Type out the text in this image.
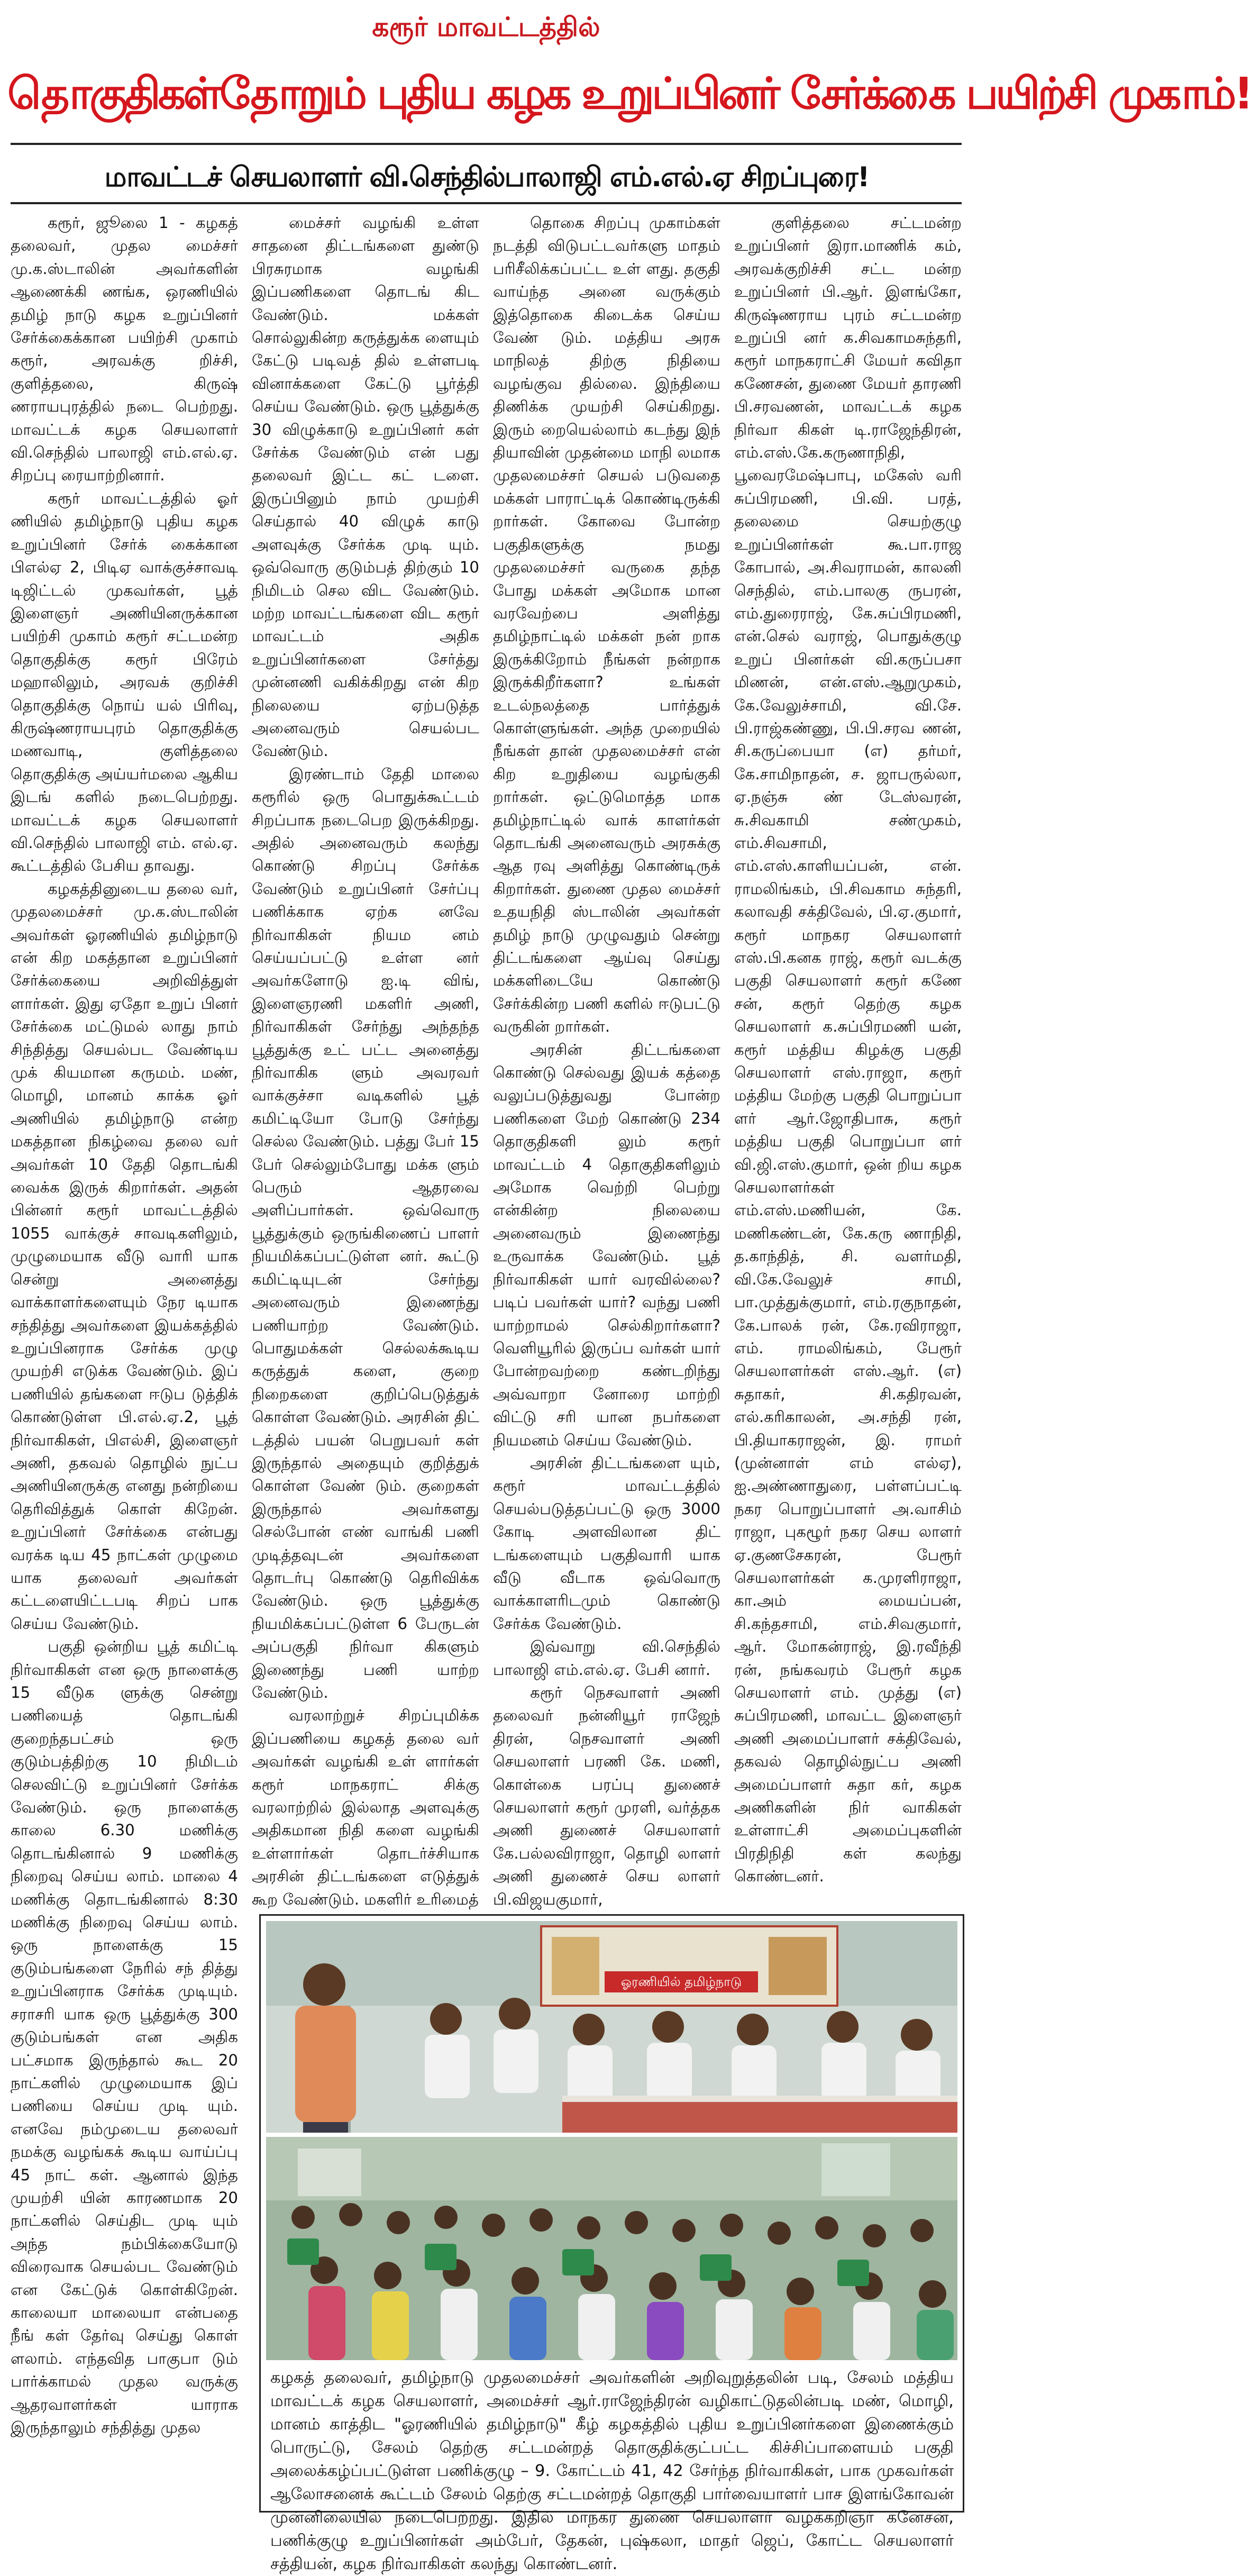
கரூர் மாவட்டத்தில்
தொகுதிகள்தோறும் புதிய கழக உறுப்பினர் சேர்க்கை பயிற்சி முகாம்!
மாவட்டச் செயலாளர் வி.செந்தில்பாலாஜி எம்.எல்.ஏ சிறப்புரை!

கரூர், ஜூலை 1 - கழகத் தலைவர், முதல மைச்சர் மு.க.ஸ்டாலின் அவர்களின் ஆணைக்கி ணங்க, ஒரணியில் தமிழ் நாடு கழக உறுப்பினர் சேர்க்கைக்கான பயிற்சி முகாம் கரூர், அரவக்கு றிச்சி, குளித்தலை, கிருஷ் ணராயபுரத்தில் நடை பெற்றது. மாவட்டக் கழக செயலாளர் வி.செந்தில் பாலாஜி எம்.எல்.ஏ. சிறப்பு ரையாற்றினார்.

கரூர் மாவட்டத்தில் ஓர் ணியில் தமிழ்நாடு புதிய கழக உறுப்பினர் சேர்க் கைக்கான பிஎல்ஏ 2, பிடிஏ வாக்குச்சாவடி டிஜிட்டல் முகவர்கள், பூத் இளைஞர் அணியினருக்கான பயிற்சி முகாம் கரூர் சட்டமன்ற தொகுதிக்கு கரூர் பிரேம் மஹாலிலும், அரவக் குறிச்சி தொகுதிக்கு நொய் யல் பிரிவு, கிருஷ்ணராயபுரம் தொகுதிக்கு மணவாடி, குளித்தலை தொகுதிக்கு அய்யர்மலை ஆகிய இடங் களில் நடைபெற்றது. மாவட்டக் கழக செயலாளர் வி.செந்தில் பாலாஜி எம். எல்.ஏ. கூட்டத்தில் பேசிய தாவது.

கழகத்தினுடைய தலை வர், முதலமைச்சர் மு.க.ஸ்டாலின் அவர்கள் ஓரணியில் தமிழ்நாடு என் கிற மகத்தான உறுப்பினர் சேர்க்கையை அறிவித்துள் ளார்கள். இது ஏதோ உறுப் பினர் சேர்க்கை மட்டுமல் லாது நாம் சிந்தித்து செயல்பட வேண்டிய முக் கியமான கருமம். மண், மொழி, மானம் காக்க ஓர் அணியில் தமிழ்நாடு என்ற மகத்தான நிகழ்வை தலை வர் அவர்கள் 10 தேதி தொடங்கி வைக்க இருக் கிறார்கள். அதன் பின்னர் கரூர் மாவட்டத்தில் 1055 வாக்குச் சாவடிகளிலும், முழுமையாக வீடு வாரி யாக சென்று அனைத்து வாக்காளர்களையும் நேர டியாக சந்தித்து அவர்களை இயக்கத்தில் உறுப்பினராக சேர்க்க முழு முயற்சி எடுக்க வேண்டும். இப் பணியில் தங்களை ஈடுப டுத்திக் கொண்டுள்ள பி.எல்.ஏ.2, பூத் நிர்வாகிகள், பிஎல்சி, இளைஞர் அணி, தகவல் தொழில் நுட்ப அணியினருக்கு எனது நன்றியை தெரிவித்துக் கொள் கிறேன். உறுப்பினர் சேர்க்கை என்பது வரக்க டிய 45 நாட்கள் முழுமை யாக தலைவர் அவர்கள் கட்டளையிட்டபடி சிறப் பாக செய்ய வேண்டும்.

பகுதி ஒன்றிய பூத் கமிட்டி நிர்வாகிகள் என ஒரு நாளைக்கு 15 வீடுக ளுக்கு சென்று பணியைத் தொடங்கி குறைந்தபட்சம் ஒரு குடும்பத்திற்கு 10 நிமிடம் செலவிட்டு உறுப்பினர் சேர்க்க வேண்டும். ஒரு நாளைக்கு காலை 6.30 மணிக்கு தொடங்கினால் 9 மணிக்கு நிறைவு செய்ய லாம். மாலை 4 மணிக்கு தொடங்கினால் 8:30 மணிக்கு நிறைவு செய்ய லாம். ஒரு நாளைக்கு 15 குடும்பங்களை நேரில் சந் தித்து உறுப்பினராக சேர்க்க முடியும். சராசரி யாக ஒரு பூத்துக்கு 300 குடும்பங்கள் என அதிக பட்சமாக இருந்தால் கூட 20 நாட்களில் முழுமையாக இப் பணியை செய்ய முடி யும். எனவே நம்முடைய தலைவர் நமக்கு வழங்கக் கூடிய வாய்ப்பு 45 நாட் கள். ஆனால் இந்த முயற்சி யின் காரணமாக 20 நாட்களில் செய்திட முடி யும் அந்த நம்பிக்கையோடு விரைவாக செயல்பட வேண்டும் என கேட்டுக் கொள்கிறேன். காலையா மாலையா என்பதை நீங் கள் தேர்வு செய்து கொள் ளலாம். எந்தவித பாகுபா டும் பார்க்காமல் முதல வருக்கு ஆதரவாளர்கள் யாராக இருந்தாலும் சந்தித்து முதல

மைச்சர் வழங்கி உள்ள சாதனை திட்டங்களை துண்டு பிரசுரமாக வழங்கி இப்பணிகளை தொடங் கிட வேண்டும். மக்கள் சொல்லுகின்ற கருத்துக்க ளையும் கேட்டு படிவத் தில் உள்ளபடி வினாக்களை கேட்டு பூர்த்தி செய்ய வேண்டும். ஒரு பூத்துக்கு 30 விழுக்காடு உறுப்பினர் கள் சேர்க்க வேண்டும் என் பது தலைவர் இட்ட கட் டளை. இருப்பினும் நாம் முயற்சி செய்தால் 40 விழுக் காடு அளவுக்கு சேர்க்க முடி யும். ஒவ்வொரு குடும்பத் திற்கும் 10 நிமிடம் செல விட வேண்டும். மற்ற மாவட்டங்களை விட கரூர் மாவட்டம் அதிக உறுப்பினர்களை சேர்த்து முன்னணி வகிக்கிறது என் கிற நிலையை ஏற்படுத்த அனைவரும் செயல்பட வேண்டும்.

இரண்டாம் தேதி மாலை கரூரில் ஒரு பொதுக்கூட்டம் சிறப்பாக நடைபெற இருக்கிறது. அதில் அனைவரும் கலந்து கொண்டு சிறப்பு சேர்க்க வேண்டும் உறுப்பினர் சேர்ப்பு பணிக்காக ஏற்க னவே நிர்வாகிகள் நியம னம் செய்யப்பட்டு உள்ள னர் அவர்களோடு ஐ.டி விங், இளைஞரணி மகளிர் அணி, நிர்வாகிகள் சேர்ந்து அந்தந்த பூத்துக்கு உட் பட்ட அனைத்து நிர்வாகிக ளும் அவரவர் வாக்குச்சா வடிகளில் பூத் கமிட்டியோ போடு சேர்ந்து செல்ல வேண்டும். பத்து பேர் 15 பேர் செல்லும்போது மக்க ளும் பெரும் ஆதரவை அளிப்பார்கள். ஒவ்வொரு பூத்துக்கும் ஒருங்கிணைப் பாளர் நியமிக்கப்பட்டுள்ள னர். கூட்டு கமிட்டியுடன் சேர்ந்து அனைவரும் இணைந்து பணியாற்ற வேண்டும். பொதுமக்கள் செல்லக்கூடிய கருத்துக் களை, குறை நிறைகளை குறிப்பெடுத்துக் கொள்ள வேண்டும். அரசின் திட் டத்தில் பயன் பெறுபவர் கள் இருந்தால் அதையும் குறித்துக் கொள்ள வேண் டும். குறைகள் இருந்தால் அவர்களது செல்போன் எண் வாங்கி பணி முடித்தவுடன் அவர்களை தொடர்பு கொண்டு தெரிவிக்க வேண்டும். ஒரு பூத்துக்கு நியமிக்கப்பட்டுள்ள 6 பேருடன் அப்பகுதி நிர்வா கிகளும் இணைந்து பணி யாற்ற வேண்டும்.

வரலாற்றுச் சிறப்புமிக்க இப்பணியை கழகத் தலை வர் அவர்கள் வழங்கி உள் ளார்கள் கரூர் மாநகராட் சிக்கு வரலாற்றில் இல்லாத அளவுக்கு அதிகமான நிதி களை வழங்கி உள்ளார்கள் தொடர்ச்சியாக அரசின் திட்டங்களை எடுத்துக் கூற வேண்டும். மகளிர் உரிமைத்

தொகை சிறப்பு முகாம்கள் நடத்தி விடுபட்டவர்களு மாதம் பரிசீலிக்கப்பட்ட உள் ளது. தகுதி வாய்ந்த அனை வருக்கும் இத்தொகை கிடைக்க செய்ய வேண் டும். மத்திய அரசு மாநிலத் திற்கு நிதியை வழங்குவ தில்லை. இந்தியை திணிக்க முயற்சி செய்கிறது. இரும் றையெல்லாம் கடந்து இந் தியாவின் முதன்மை மாநி லமாக முதலமைச்சர் செயல் படுவதை மக்கள் பாராட்டிக் கொண்டிருக்கி றார்கள். கோவை போன்ற பகுதிகளுக்கு நமது முதலமைச்சர் வருகை தந்த போது மக்கள் அமோக மான வரவேற்பை அளித்து தமிழ்நாட்டில் மக்கள் நன் றாக இருக்கிறோம் நீங்கள் நன்றாக இருக்கிறீர்களா? உங்கள் உடல்நலத்தை பார்த்துக் கொள்ளுங்கள். அந்த முறையில் நீங்கள் தான் முதலமைச்சர் என் கிற உறுதியை வழங்குகி றார்கள். ஒட்டுமொத்த மாக தமிழ்நாட்டில் வாக் காளர்கள் தொடங்கி அனைவரும் அரசுக்கு ஆத ரவு அளித்து கொண்டிருக் கிறார்கள். துணை முதல மைச்சர் உதயநிதி ஸ்டாலின் அவர்கள் தமிழ் நாடு முழுவதும் சென்று திட்டங்களை ஆய்வு செய்து மக்களிடையே கொண்டு சேர்க்கின்ற பணி களில் ஈடுபட்டு வருகின் றார்கள்.

அரசின் திட்டங்களை கொண்டு செல்வது இயக் கத்தை வலுப்படுத்துவது போன்ற பணிகளை மேற் கொண்டு 234 தொகுதிகளி லும் கரூர் மாவட்டம் 4 தொகுதிகளிலும் அமோக வெற்றி பெற்று என்கின்ற நிலையை அனைவரும் இணைந்து உருவாக்க வேண்டும். பூத் நிர்வாகிகள் யார் வரவில்லை? படிப் பவர்கள் யார்? வந்து பணி யாற்றாமல் செல்கிறார்களா? வெளியூரில் இருப்ப வர்கள் யார் போன்றவற்றை கண்டறிந்து அவ்வாறா னோரை மாற்றி விட்டு சரி யான நபர்களை நியமனம் செய்ய வேண்டும்.

அரசின் திட்டங்களை யும், கரூர் மாவட்டத்தில் செயல்படுத்தப்பட்டு ஒரு 3000 கோடி அளவிலான திட் டங்களையும் பகுதிவாரி யாக வீடு வீடாக ஒவ்வொரு வாக்காளரிடமும் கொண்டு சேர்க்க வேண்டும்.

இவ்வாறு வி.செந்தில் பாலாஜி எம்.எல்.ஏ. பேசி னார்.

கரூர் நெசவாளர் அணி தலைவர் நன்னியூர் ராஜேந் திரன், நெசவாளர் அணி செயலாளர் பரணி கே. மணி, கொள்கை பரப்பு துணைச் செயலாளர் கரூர் முரளி, வர்த்தக அணி துணைச் செயலாளர் கே.பல்லவிராஜா, தொழி லாளர் அணி துணைச் செய லாளர் பி.விஜயகுமார்,

குளித்தலை சட்டமன்ற உறுப்பினர் இரா.மாணிக் கம், அரவக்குறிச்சி சட்ட மன்ற உறுப்பினர் பி.ஆர். இளங்கோ, கிருஷ்ணராய புரம் சட்டமன்ற உறுப்பி னர் க.சிவகாமசுந்தரி, கரூர் மாநகராட்சி மேயர் கவிதா கணேசன், துணை மேயர் தாரணி பி.சரவணன், மாவட்டக் கழக நிர்வா கிகள் டி.ராஜேந்திரன், எம்.எஸ்.கே.கருணாநிதி, பூவைரமேஷ்பாபு, மகேஸ் வரி சுப்பிரமணி, பி.வி. பரத், தலைமை செயற்குழு உறுப்பினர்கள் கூ.பா.ராஜ கோபால், அ.சிவராமன், காலனி செந்தில், எம்.பாலகு ருபரன், எம்.துரைராஜ், கே.சுப்பிரமணி, என்.செல் வராஜ், பொதுக்குழு உறுப் பினர்கள் வி.கருப்பசா மிணன், என்.எஸ்.ஆறுமுகம், கே.வேலுச்சாமி, வி.சே. பி.ராஜ்கண்ணு, பி.பி.சரவ ணன், சி.கருப்பையா (எ) தர்மர், கே.சாமிநாதன், ச. ஜாபருல்லா, ஏ.நஞ்சு ண் டேஸ்வரன், சு.சிவகாமி சண்முகம், எம்.சிவசாமி, எம்.எஸ்.காளியப்பன், என். ராமலிங்கம், பி.சிவகாம சுந்தரி, கலாவதி சக்திவேல், பி.ஏ.குமார், கரூர் மாநகர செயலாளர் எஸ்.பி.கனக ராஜ், கரூர் வடக்கு பகுதி செயலாளர் கரூர் கணே சன், கரூர் தெற்கு கழக செயலாளர் க.சுப்பிரமணி யன், கரூர் மத்திய கிழக்கு பகுதி செயலாளர் எஸ்.ராஜா, கரூர் மத்திய மேற்கு பகுதி பொறுப்பா ளர் ஆர்.ஜோதிபாசு, கரூர் மத்திய பகுதி பொறுப்பா ளர் வி.ஜி.எஸ்.குமார், ஒன் றிய கழக செயலாளர்கள் எம்.எஸ்.மணியன், கே. மணிகண்டன், கே.கரு ணாநிதி, த.காந்தித், சி. வளர்மதி, வி.கே.வேலுச் சாமி, பா.முத்துக்குமார், எம்.ரகுநாதன், கே.பாலக் ரன், கே.ரவிராஜா, எம். ராமலிங்கம், பேரூர் செயலாளர்கள் எஸ்.ஆர். (எ) சுதாகர், சி.கதிரவன், எல்.கரிகாலன், அ.சந்தி ரன், பி.தியாகராஜன், இ. ராமர் (முன்னாள் எம் எல்ஏ), ஐ.அண்ணாதுரை, பள்ளப்பட்டி நகர பொறுப்பாளர் அ.வாசிம் ராஜா, புகழூர் நகர செய லாளர் ஏ.குணசேகரன், பேரூர் செயலாளர்கள் க.முரளிராஜா, கா.அம் மையப்பன், சி.கந்தசாமி, எம்.சிவகுமார், ஆர். மோகன்ராஜ், இ.ரவீந்தி ரன், நங்கவரம் பேரூர் கழக செயலாளர் எம். முத்து (எ) சுப்பிரமணி, மாவட்ட இளைஞர் அணி அமைப்பாளர் சக்திவேல், தகவல் தொழில்நுட்ப அணி அமைப்பாளர் சுதா கர், கழக அணிகளின் நிர் வாகிகள் உள்ளாட்சி அமைப்புகளின் பிரதிநிதி கள் கலந்து கொண்டனர்.

ஓரணியில் தமிழ்நாடு
கழகத் தலைவர், தமிழ்நாடு முதலமைச்சர் அவர்களின் அறிவுறுத்தலின் படி, சேலம் மத்திய மாவட்டக் கழக செயலாளர், அமைச்சர் ஆர்.ராஜேந்திரன் வழிகாட்டுதலின்படி மண், மொழி, மானம் காத்திட "ஓரணியில் தமிழ்நாடு" கீழ் கழகத்தில் புதிய உறுப்பினர்களை இணைக்கும் பொருட்டு, சேலம் தெற்கு சட்டமன்றத் தொகுதிக்குட்பட்ட கிச்சிப்பாளையம் பகுதி அலைக்கழ்ப்பட்டுள்ள பணிக்குழு – 9. கோட்டம் 41, 42 சேர்ந்த நிர்வாகிகள், பாக முகவர்கள் ஆலோசனைக் கூட்டம் சேலம் தெற்கு சட்டமன்றத் தொகுதி பார்வையாளர் பாச இளங்கோவன் முன்னிலையில் நடைபெற்றது. இதில் மாநகர துணை செயலாளர் வழக்கறிஞர் கனேசன், பணிக்குழு உறுப்பினர்கள் அம்பேர், தேகன், புஷ்கலா, மாதர் ஜெப், கோட்ட செயலாளர் சத்தியன், கழக நிர்வாகிகள் கலந்து கொண்டனர்.
